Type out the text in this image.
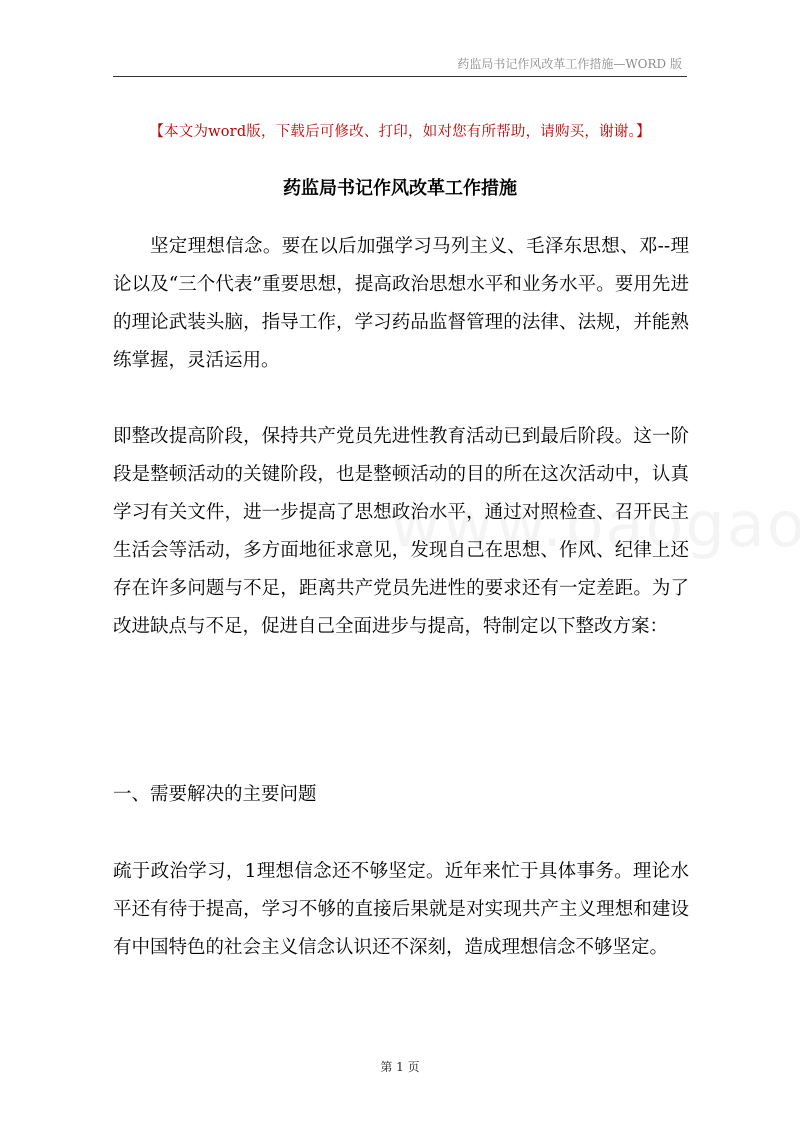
药监局书记作风改革工作措施—WORD 版
【本文为word版，下载后可修改、打印，如对您有所帮助，请购买，谢谢。】
药监局书记作风改革工作措施

坚定理想信念。要在以后加强学习马列主义、毛泽东思想、邓--理论以及“三个代表”重要思想，提高政治思想水平和业务水平。要用先进的理论武装头脑，指导工作，学习药品监督管理的法律、法规，并能熟练掌握，灵活运用。

即整改提高阶段，保持共产党员先进性教育活动已到最后阶段。这一阶段是整顿活动的关键阶段，也是整顿活动的目的所在这次活动中，认真学习有关文件，进一步提高了思想政治水平，通过对照检查、召开民主生活会等活动，多方面地征求意见，发现自己在思想、作风、纪律上还存在许多问题与不足，距离共产党员先进性的要求还有一定差距。为了改进缺点与不足，促进自己全面进步与提高，特制定以下整改方案：

一、需要解决的主要问题

疏于政治学习，1理想信念还不够坚定。近年来忙于具体事务。理论水平还有待于提高，学习不够的直接后果就是对实现共产主义理想和建设有中国特色的社会主义信念认识还不深刻，造成理想信念不够坚定。

第 1 页
